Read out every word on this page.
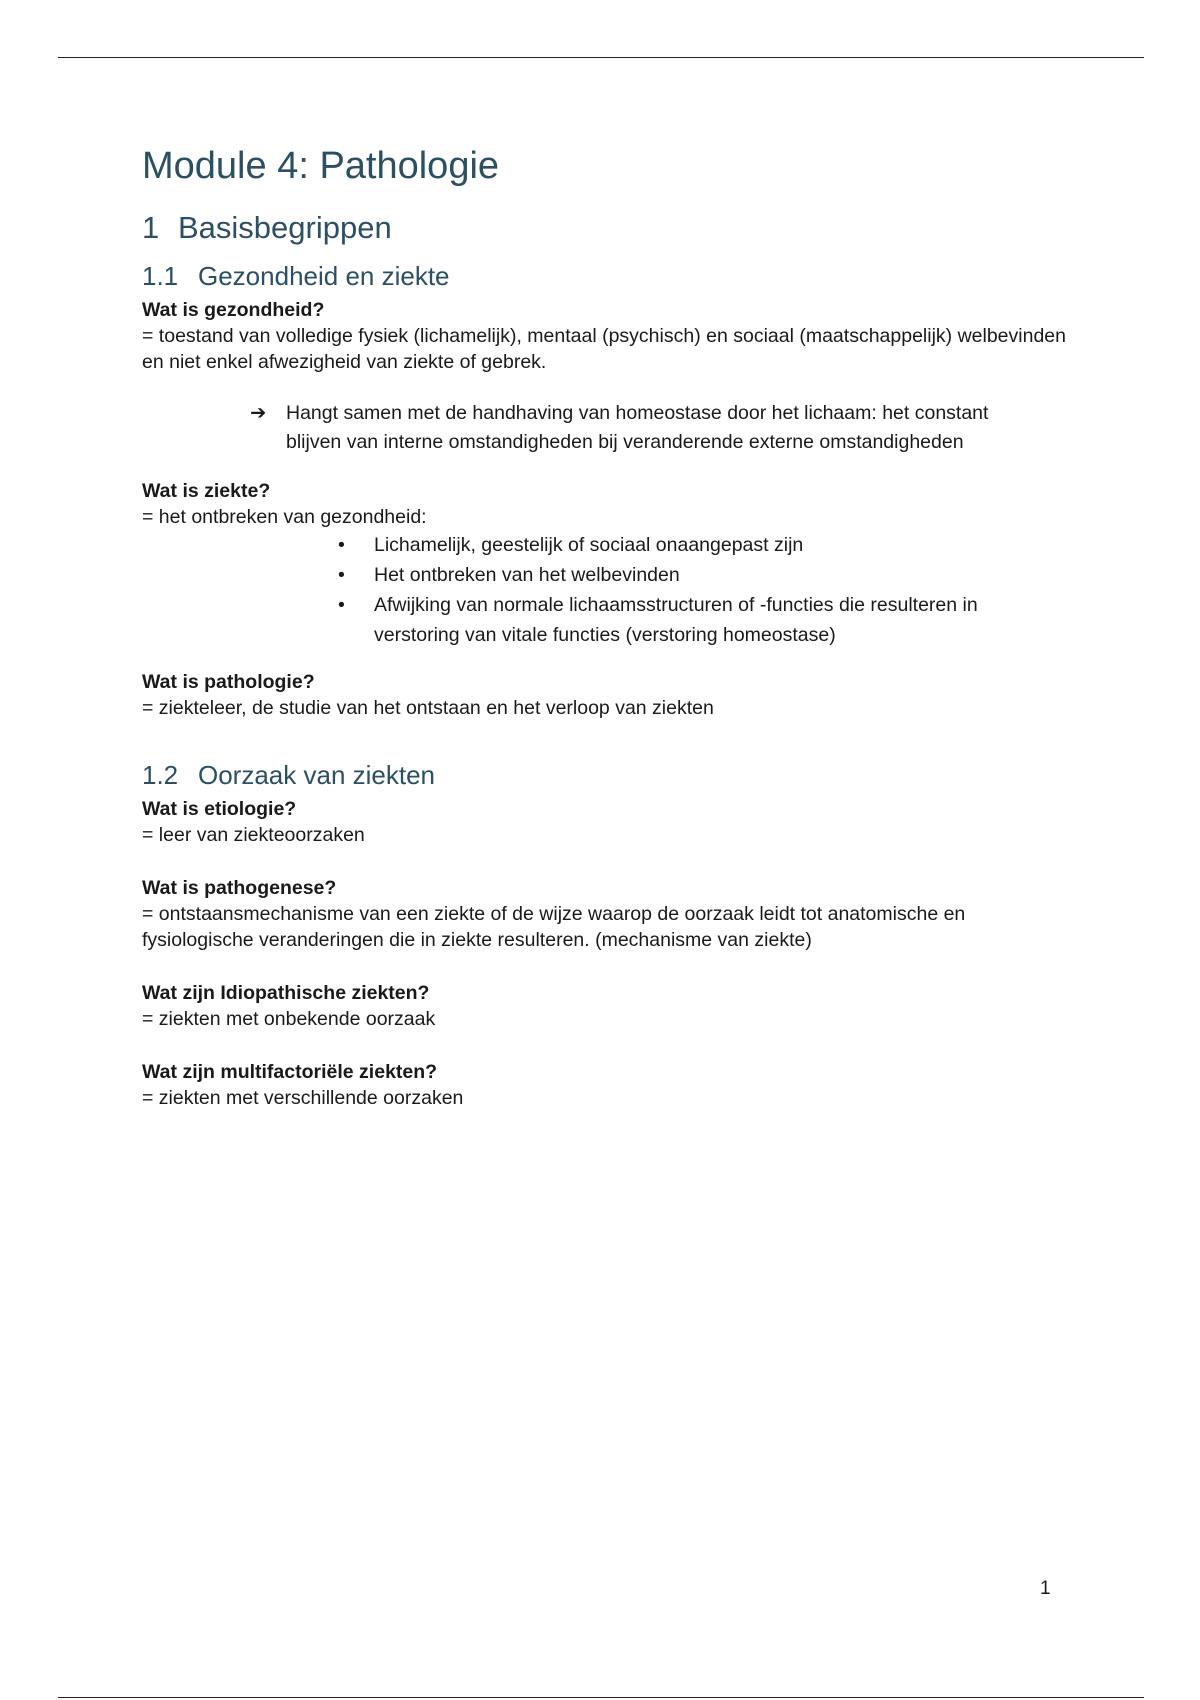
Module 4: Pathologie
1 Basisbegrippen
1.1 Gezondheid en ziekte

Wat is gezondheid?

= toestand van volledige fysiek (lichamelijk), mentaal (psychisch) en sociaal (maatschappelijk) welbevinden en niet enkel afwezigheid van ziekte of gebrek.

➔	Hangt samen met de handhaving van homeostase door het lichaam: het constant blijven van interne omstandigheden bij veranderende externe omstandigheden

Wat is ziekte?

= het ontbreken van gezondheid:

•	Lichamelijk, geestelijk of sociaal onaangepast zijn
•	Het ontbreken van het welbevinden
•	Afwijking van normale lichaamsstructuren of -functies die resulteren in verstoring van vitale functies (verstoring homeostase)

Wat is pathologie?

= ziekteleer, de studie van het ontstaan en het verloop van ziekten

1.2 Oorzaak van ziekten

Wat is etiologie?

= leer van ziekteoorzaken

Wat is pathogenese?

= ontstaansmechanisme van een ziekte of de wijze waarop de oorzaak leidt tot anatomische en fysiologische veranderingen die in ziekte resulteren. (mechanisme van ziekte)

Wat zijn Idiopathische ziekten?

= ziekten met onbekende oorzaak

Wat zijn multifactoriële ziekten?

= ziekten met verschillende oorzaken

1
